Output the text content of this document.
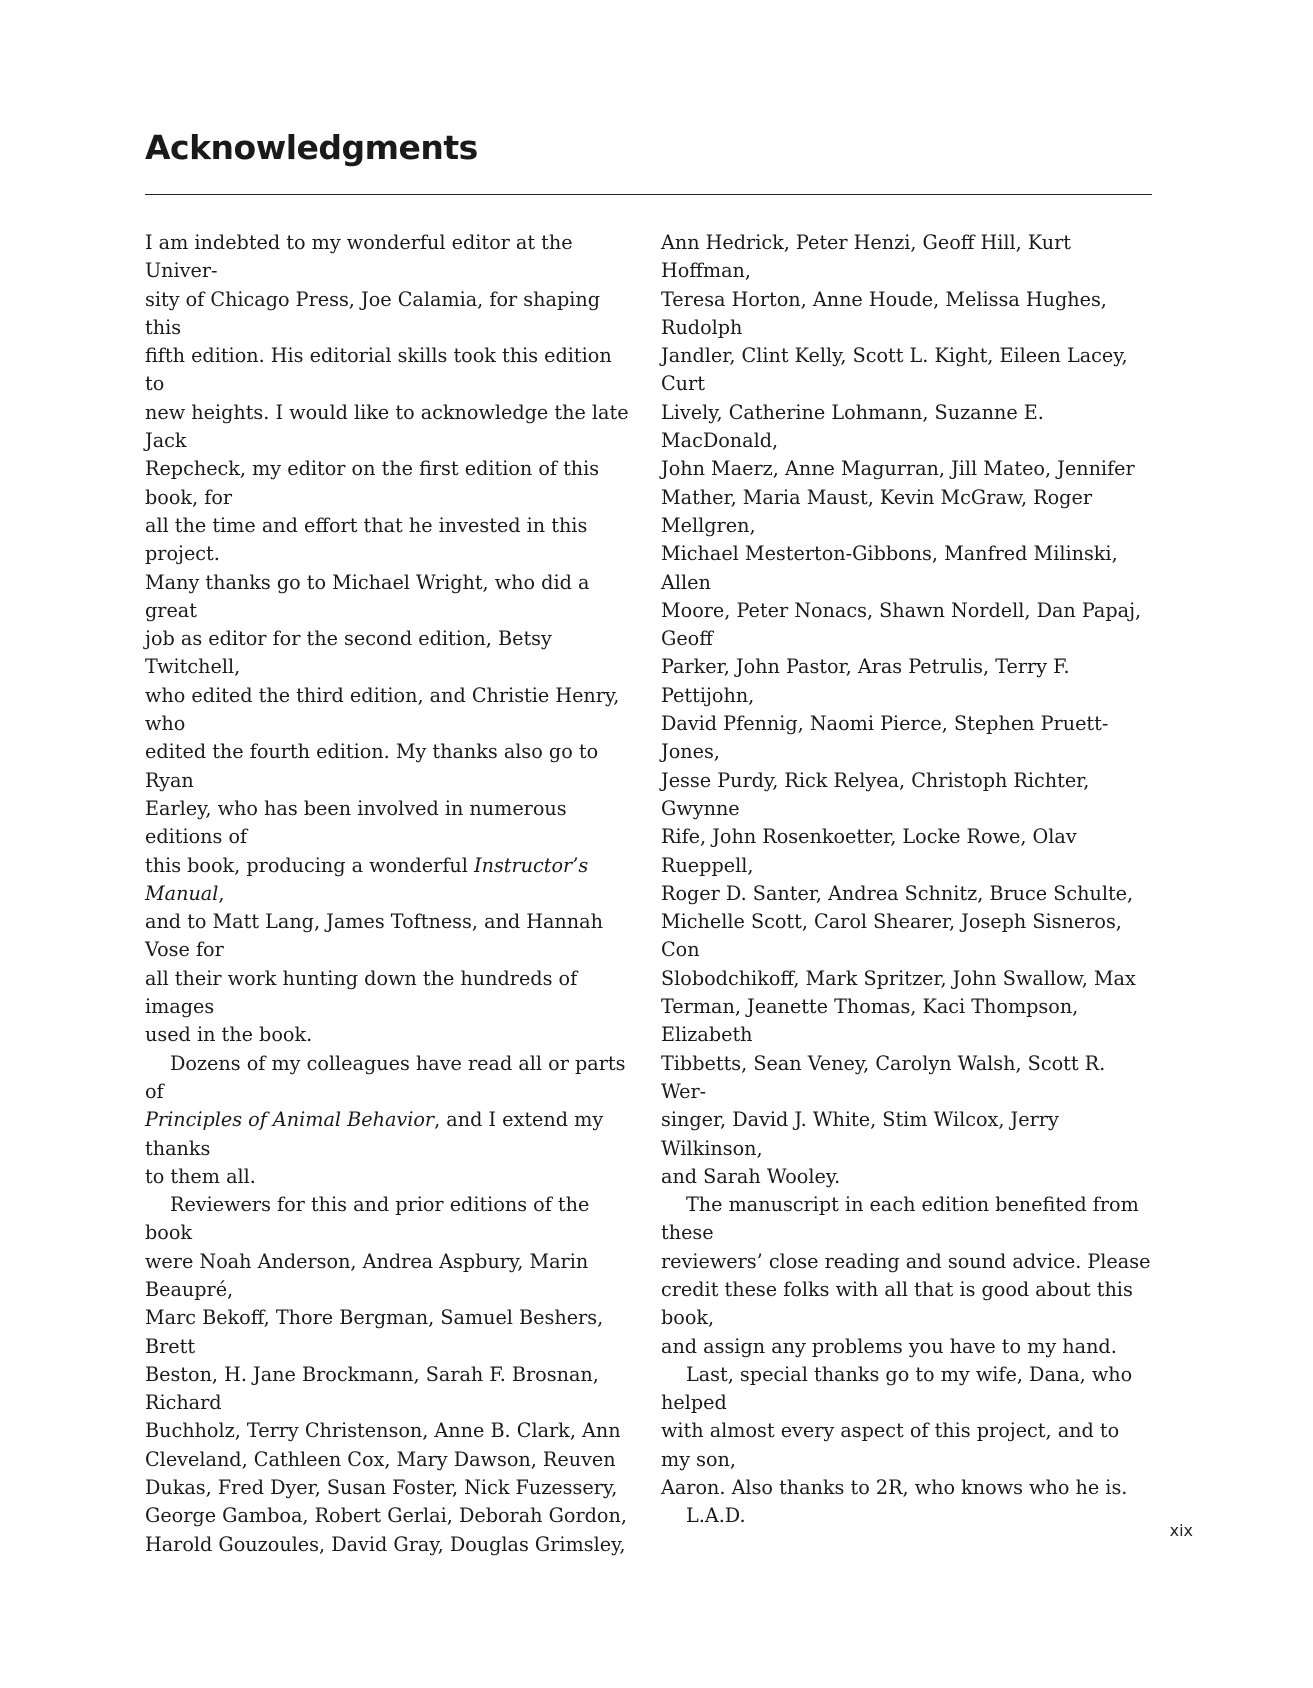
Acknowledgments

I am indebted to my wonderful editor at the Univer-
sity of Chicago Press, Joe Calamia, for shaping this
fifth edition. His editorial skills took this edition to
new heights. I would like to acknowledge the late Jack
Repcheck, my editor on the first edition of this book, for
all the time and effort that he invested in this project.
Many thanks go to Michael Wright, who did a great
job as editor for the second edition, Betsy Twitchell,
who edited the third edition, and Christie Henry, who
edited the fourth edition. My thanks also go to Ryan
Earley, who has been involved in numerous editions of
this book, producing a wonderful Instructor’s Manual,
and to Matt Lang, James Toftness, and Hannah Vose for
all their work hunting down the hundreds of images
used in the book.

Dozens of my colleagues have read all or parts of
Principles of Animal Behavior, and I extend my thanks
to them all.

Reviewers for this and prior editions of the book
were Noah Anderson, Andrea Aspbury, Marin Beaupré,
Marc Bekoff, Thore Bergman, Samuel Beshers, Brett
Beston, H. Jane Brockmann, Sarah F. Brosnan, Richard
Buchholz, Terry Christenson, Anne B. Clark, Ann
Cleveland, Cathleen Cox, Mary Dawson, Reuven
Dukas, Fred Dyer, Susan Foster, Nick Fuzessery,
George Gamboa, Robert Gerlai, Deborah Gordon,
Harold Gouzoules, David Gray, Douglas Grimsley,

Ann Hedrick, Peter Henzi, Geoff Hill, Kurt Hoffman,
Teresa Horton, Anne Houde, Melissa Hughes, Rudolph
Jandler, Clint Kelly, Scott L. Kight, Eileen Lacey, Curt
Lively, Catherine Lohmann, Suzanne E. MacDonald,
John Maerz, Anne Magurran, Jill Mateo, Jennifer
Mather, Maria Maust, Kevin McGraw, Roger Mellgren,
Michael Mesterton-Gibbons, Manfred Milinski, Allen
Moore, Peter Nonacs, Shawn Nordell, Dan Papaj, Geoff
Parker, John Pastor, Aras Petrulis, Terry F. Pettijohn,
David Pfennig, Naomi Pierce, Stephen Pruett-Jones,
Jesse Purdy, Rick Relyea, Christoph Richter, Gwynne
Rife, John Rosenkoetter, Locke Rowe, Olav Rueppell,
Roger D. Santer, Andrea Schnitz, Bruce Schulte,
Michelle Scott, Carol Shearer, Joseph Sisneros, Con
Slobodchikoff, Mark Spritzer, John Swallow, Max
Terman, Jeanette Thomas, Kaci Thompson, Elizabeth
Tibbetts, Sean Veney, Carolyn Walsh, Scott R. Wer-
singer, David J. White, Stim Wilcox, Jerry Wilkinson,
and Sarah Wooley.

The manuscript in each edition benefited from these
reviewers’ close reading and sound advice. Please
credit these folks with all that is good about this book,
and assign any problems you have to my hand.

Last, special thanks go to my wife, Dana, who helped
with almost every aspect of this project, and to my son,
Aaron. Also thanks to 2R, who knows who he is.

L.A.D.

xix
